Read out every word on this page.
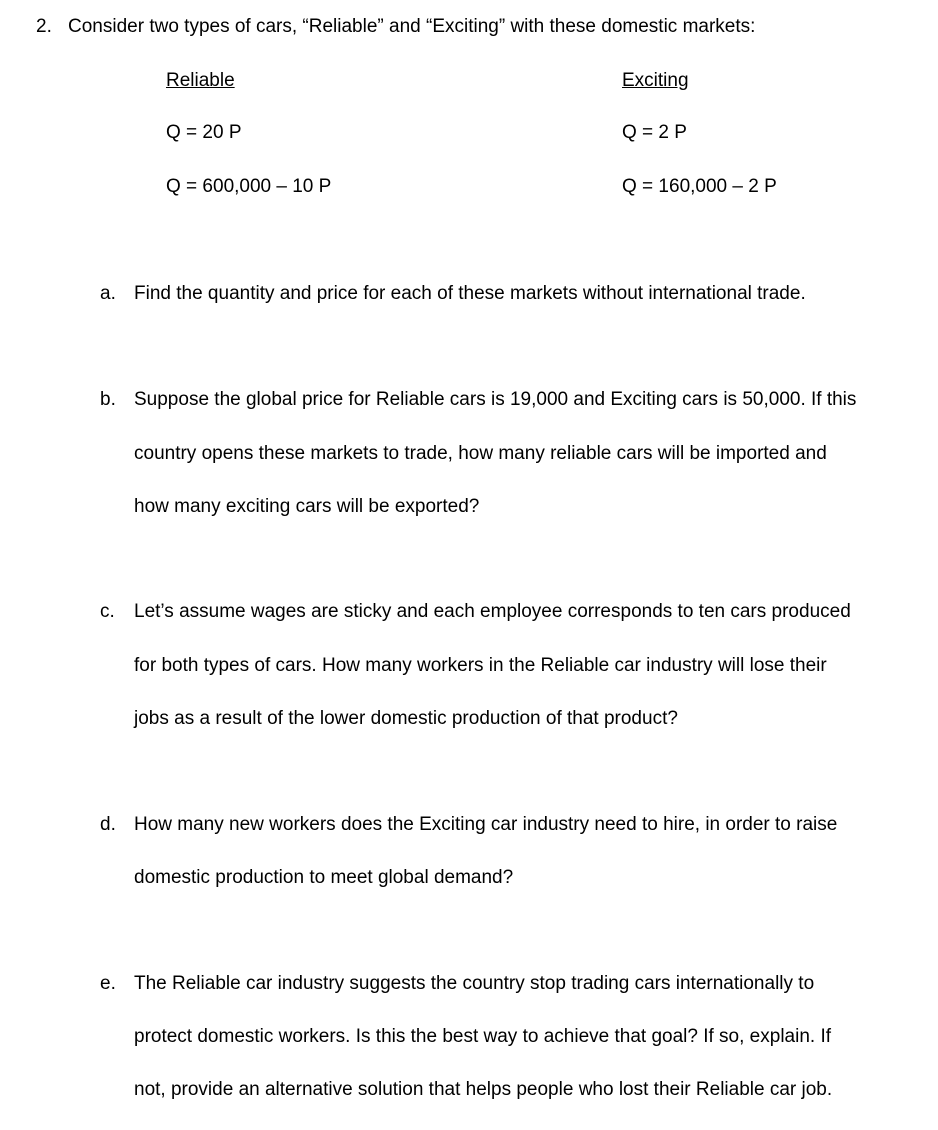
2. Consider two types of cars, “Reliable” and “Exciting” with these domestic markets:
Reliable
Q = 20 P
Q = 600,000 – 10 P
Exciting
Q = 2 P
Q = 160,000 – 2 P
a. Find the quantity and price for each of these markets without international trade.
b. Suppose the global price for Reliable cars is 19,000 and Exciting cars is 50,000. If this
country opens these markets to trade, how many reliable cars will be imported and
how many exciting cars will be exported?
c. Let’s assume wages are sticky and each employee corresponds to ten cars produced
for both types of cars. How many workers in the Reliable car industry will lose their
jobs as a result of the lower domestic production of that product?
d. How many new workers does the Exciting car industry need to hire, in order to raise
domestic production to meet global demand?
e. The Reliable car industry suggests the country stop trading cars internationally to
protect domestic workers. Is this the best way to achieve that goal? If so, explain. If
not, provide an alternative solution that helps people who lost their Reliable car job.
